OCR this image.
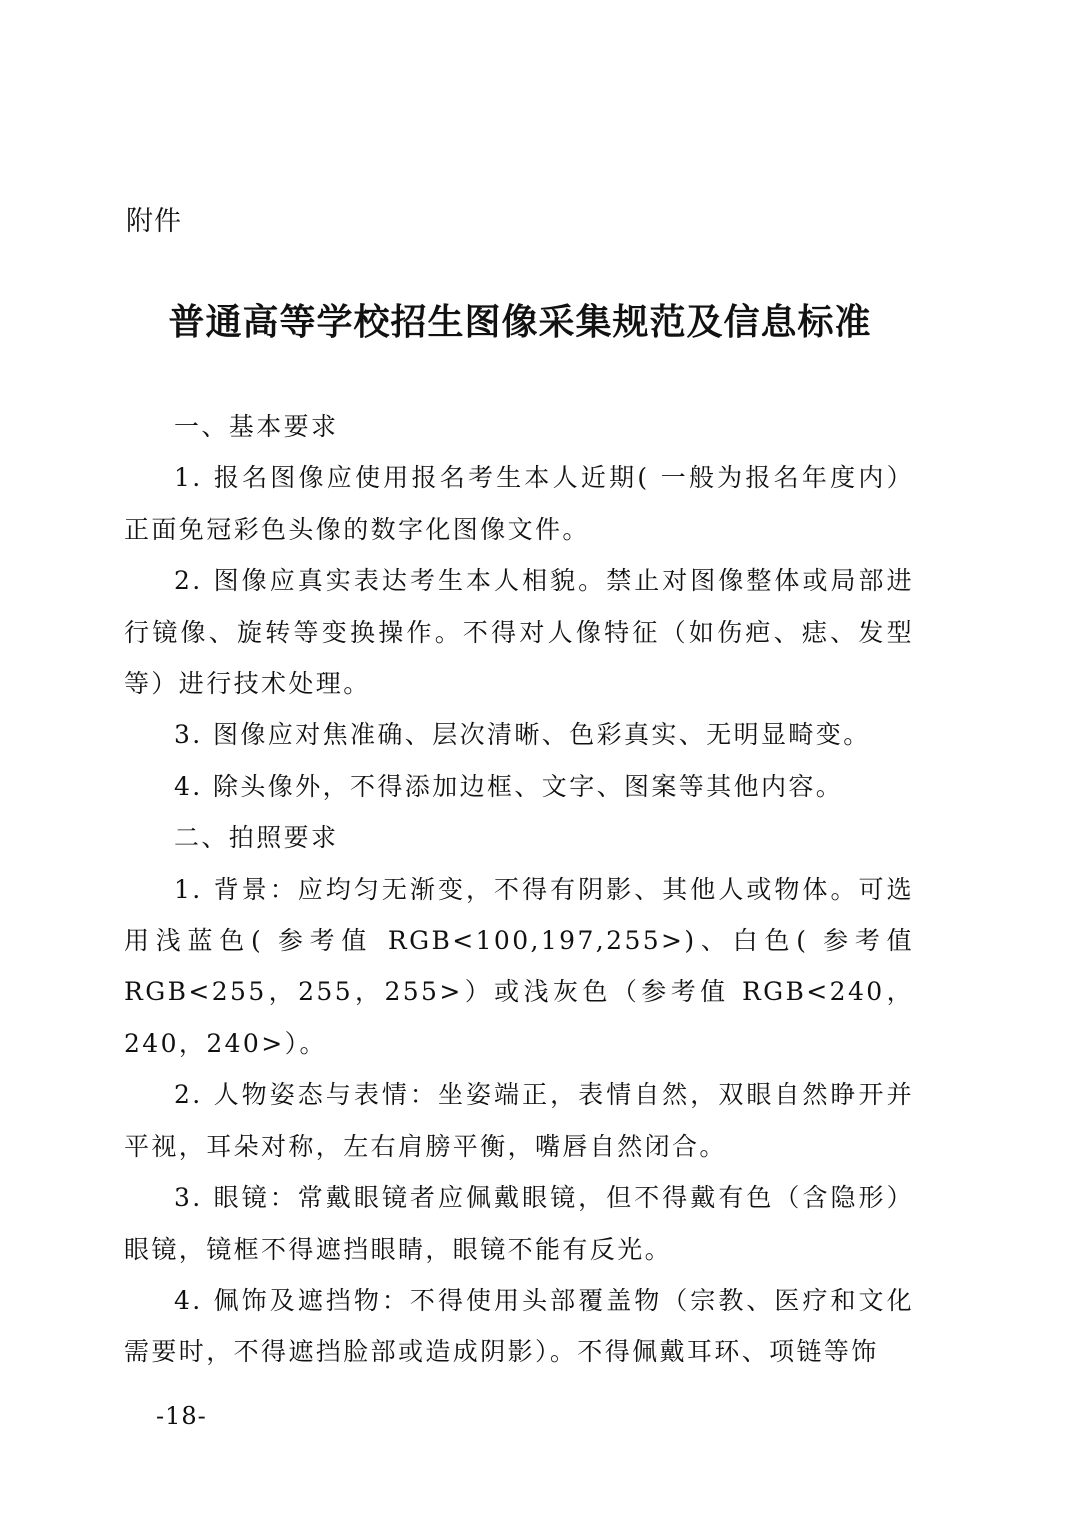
附件
普通高等学校招生图像采集规范及信息标准

一、基本要求

1. 报名图像应使用报名考生本人近期( 一般为报名年度内）正面免冠彩色头像的数字化图像文件。

2. 图像应真实表达考生本人相貌。禁止对图像整体或局部进行镜像、旋转等变换操作。不得对人像特征（如伤疤、痣、发型等）进行技术处理。

3. 图像应对焦准确、层次清晰、色彩真实、无明显畸变。

4. 除头像外，不得添加边框、文字、图案等其他内容。

二、拍照要求

1. 背景：应均匀无渐变，不得有阴影、其他人或物体。可选用浅蓝色( 参考值 RGB<100,197,255>)、白色( 参考值 RGB<255，255，255>）或浅灰色（参考值 RGB<240，240，240>）。

2. 人物姿态与表情：坐姿端正，表情自然，双眼自然睁开并平视，耳朵对称，左右肩膀平衡，嘴唇自然闭合。

3. 眼镜：常戴眼镜者应佩戴眼镜，但不得戴有色（含隐形）眼镜，镜框不得遮挡眼睛，眼镜不能有反光。

4. 佩饰及遮挡物：不得使用头部覆盖物（宗教、医疗和文化需要时，不得遮挡脸部或造成阴影）。不得佩戴耳环、项链等饰

-18-
